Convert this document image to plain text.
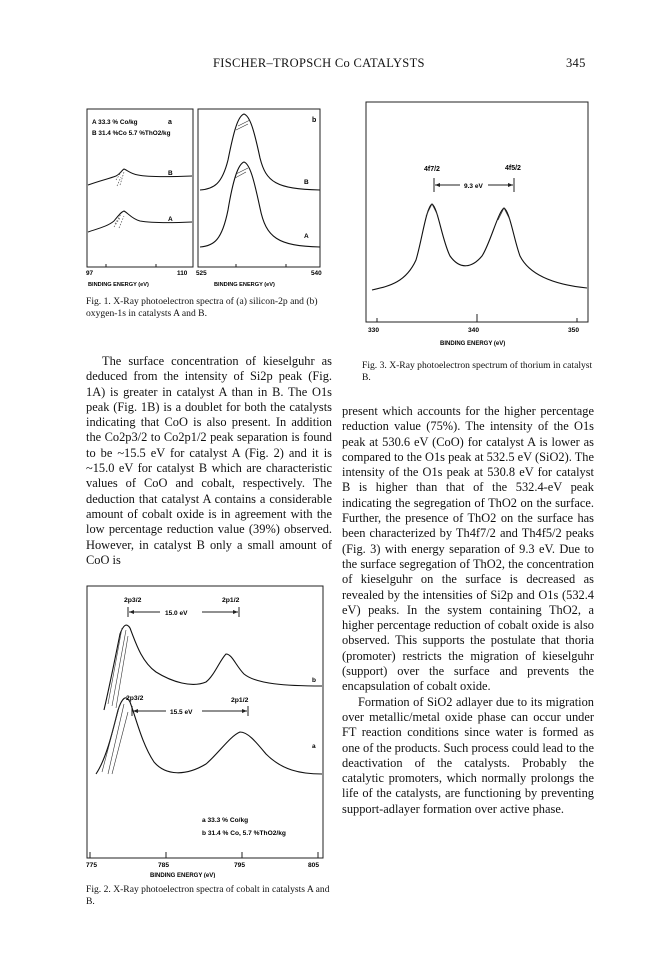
FISCHER–TROPSCH Co CATALYSTS	345
A 33.3 % Co/kg
B 31.4 %Co 5.7 %ThO2/kg
a	b
B
A
B
A
97	110 525	540
BINDING ENERGY (eV)	BINDING ENERGY (eV)
Fig. 1. X-Ray photoelectron spectra of (a) silicon-2p and (b) oxygen-1s in catalysts A and B.
4f7/2	4f5/2
9.3 eV
330	340	350
BINDING ENERGY (eV)
Fig. 3. X-Ray photoelectron spectrum of thorium in catalyst B.

The surface concentration of kieselguhr as deduced from the intensity of Si2p peak (Fig. 1A) is greater in catalyst A than in B. The O1s peak (Fig. 1B) is a doublet for both the catalysts indicating that CoO is also present. In addition the Co2p3/2 to Co2p1/2 peak separation is found to be ~15.5 eV for catalyst A (Fig. 2) and it is ~15.0 eV for catalyst B which are characteristic values of CoO and cobalt, respectively. The deduction that catalyst A contains a considerable amount of cobalt oxide is in agreement with the low percentage reduction value (39%) observed. However, in catalyst B only a small amount of CoO is

2p3/2	2p1/2
15.0 eV
b
2p3/2	2p1/2
15.5 eV
a
a 33.3 % Co/kg
b 31.4 % Co, 5.7 %ThO2/kg
775	785	795	805
BINDING ENERGY (eV)
Fig. 2. X-Ray photoelectron spectra of cobalt in catalysts A and B.

present which accounts for the higher percentage reduction value (75%). The intensity of the O1s peak at 530.6 eV (CoO) for catalyst A is lower as compared to the O1s peak at 532.5 eV (SiO2). The intensity of the O1s peak at 530.8 eV for catalyst B is higher than that of the 532.4-eV peak indicating the segregation of ThO2 on the surface. Further, the presence of ThO2 on the surface has been characterized by Th4f7/2 and Th4f5/2 peaks (Fig. 3) with energy separation of 9.3 eV. Due to the surface segregation of ThO2, the concentration of kieselguhr on the surface is decreased as revealed by the intensities of Si2p and O1s (532.4 eV) peaks. In the system containing ThO2, a higher percentage reduction of cobalt oxide is also observed. This supports the postulate that thoria (promoter) restricts the migration of kieselguhr (support) over the surface and prevents the encapsulation of cobalt oxide.

Formation of SiO2 adlayer due to its migration over metallic/metal oxide phase can occur under FT reaction conditions since water is formed as one of the products. Such process could lead to the deactivation of the catalysts. Probably the catalytic promoters, which normally prolongs the life of the catalysts, are functioning by preventing support-adlayer formation over active phase.
